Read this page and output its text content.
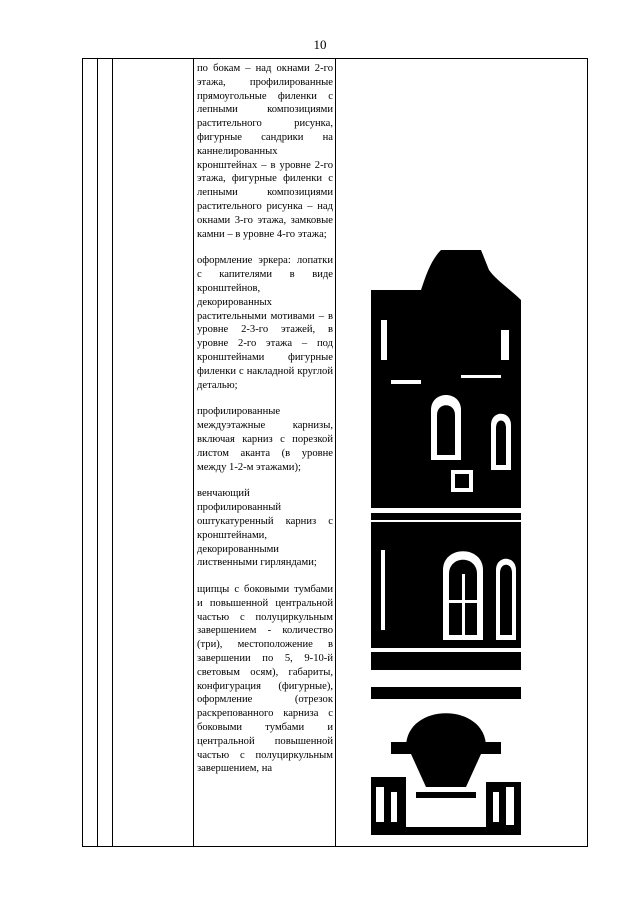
10

по бокам – над окнами 2-го этажа, профилированные прямоугольные филенки с лепными композициями растительного рисунка, фигурные сандрики на каннелированных кронштейнах – в уровне 2-го этажа, фигурные филенки с лепными композициями растительного рисунка – над окнами 3-го этажа, замковые камни – в уровне 4-го этажа;

оформление эркера: лопатки с капителями в виде кронштейнов, декорированных растительными мотивами – в уровне 2-3-го этажей, в уровне 2-го этажа – под кронштейнами фигурные филенки с накладной круглой деталью;

профилированные междуэтажные карнизы, включая карниз с порезкой листом аканта (в уровне между 1-2-м этажами);

венчающий профилированный оштукатуренный карниз с кронштейнами, декорированными лиственными гирляндами;

щипцы с боковыми тумбами и повышенной центральной частью с полуциркульным завершением - количество (три), местоположение в завершении по 5, 9-10-й световым осям), габариты, конфигурация (фигурные), оформление (отрезок раскрепованного карниза с боковыми тумбами и центральной повышенной частью с полуциркульным завершением, на
